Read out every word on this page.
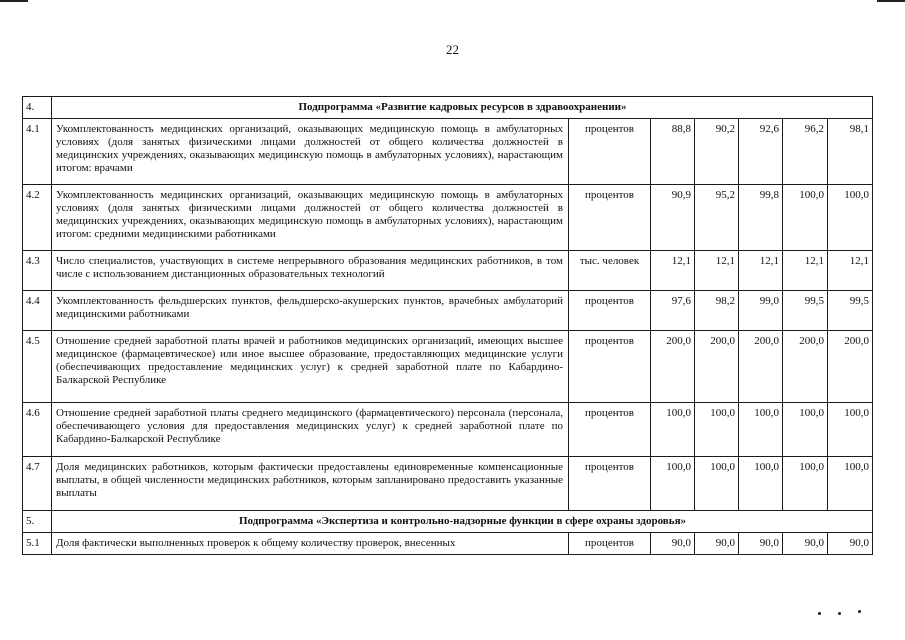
22
4.	Подпрограмма «Развитие кадровых ресурсов в здравоохранении»						
4.1	Укомплектованность медицинских организаций, оказывающих медицинскую помощь в амбулаторных условиях (доля занятых физическими лицами должностей от общего количества должностей в медицинских учреждениях, оказывающих медицинскую помощь в амбулаторных условиях), нарастающим итогом: врачами	процентов	88,8	90,2	92,6	96,2	98,1
4.2	Укомплектованность медицинских организаций, оказывающих медицинскую помощь в амбулаторных условиях (доля занятых физическими лицами должностей от общего количества должностей в медицинских учреждениях, оказывающих медицинскую помощь в амбулаторных условиях), нарастающим итогом: средними медицинскими работниками	процентов	90,9	95,2	99,8	100,0	100,0
4.3	Число специалистов, участвующих в системе непрерывного образования медицинских работников, в том числе с использованием дистанционных образовательных технологий	тыс. человек	12,1	12,1	12,1	12,1	12,1
4.4	Укомплектованность фельдшерских пунктов, фельдшерско-акушерских пунктов, врачебных амбулаторий медицинскими работниками	процентов	97,6	98,2	99,0	99,5	99,5
4.5	Отношение средней заработной платы врачей и работников медицинских организаций, имеющих высшее медицинское (фармацевтическое) или иное высшее образование, предоставляющих медицинские услуги (обеспечивающих предоставление медицинских услуг) к средней заработной плате по Кабардино-Балкарской Республике	процентов	200,0	200,0	200,0	200,0	200,0
4.6	Отношение средней заработной платы среднего медицинского (фармацевтического) персонала (персонала, обеспечивающего условия для предоставления медицинских услуг) к средней заработной плате по Кабардино-Балкарской Республике	процентов	100,0	100,0	100,0	100,0	100,0
4.7	Доля медицинских работников, которым фактически предоставлены единовременные компенсационные выплаты, в общей численности медицинских работников, которым запланировано предоставить указанные выплаты	процентов	100,0	100,0	100,0	100,0	100,0
5.	Подпрограмма «Экспертиза и контрольно-надзорные функции в сфере охраны здоровья»						
5.1	Доля фактически выполненных проверок к общему количеству проверок, внесенных	процентов	90,0	90,0	90,0	90,0	90,0
